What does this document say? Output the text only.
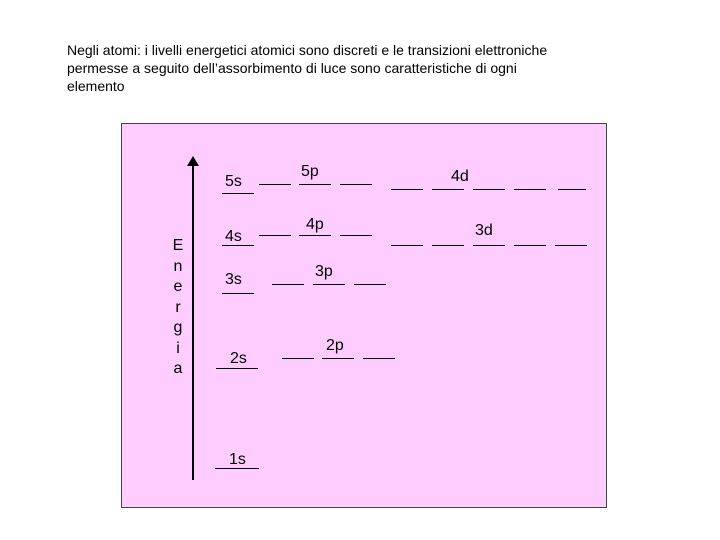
Negli atomi: i livelli energetici atomici sono discreti e le transizioni elettroniche
permesse a seguito dell’assorbimento di luce sono caratteristiche di ogni
elemento
E
n
e
r
g
i
a
5s
5p	4d
4s
4p	3d
3s	3p
2s
2p
1s
